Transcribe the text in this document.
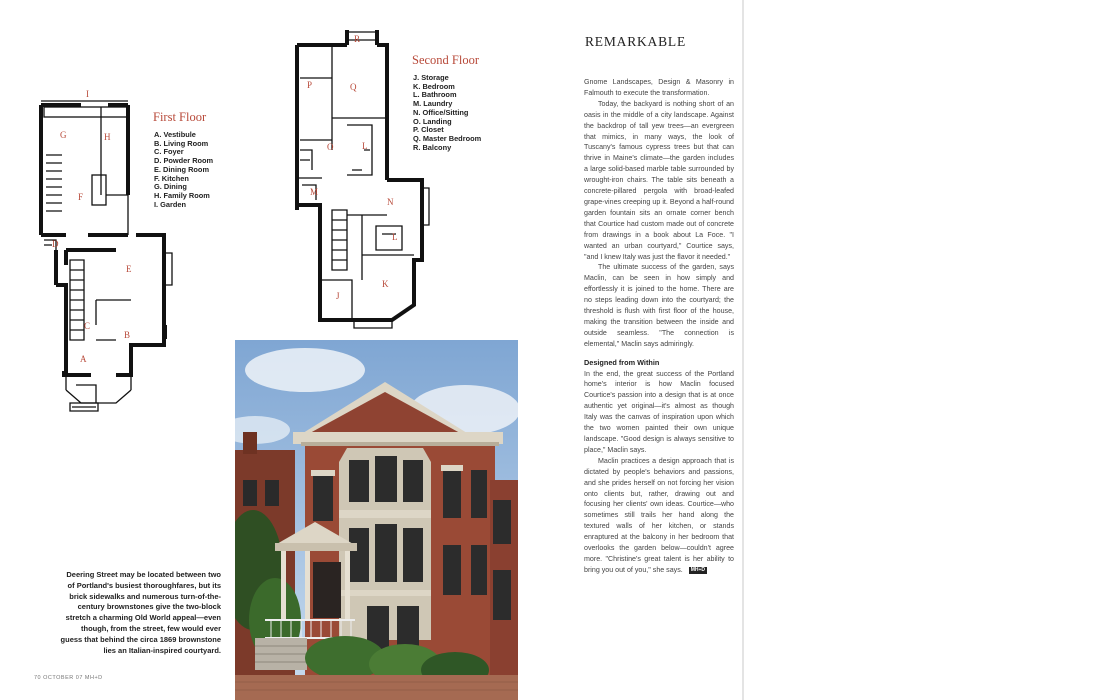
I
G	H
F
D
E
C
B
A
First Floor
A. Vestibule
B. Living Room
C. Foyer
D. Powder Room
E. Dining Room
F. Kitchen
G. Dining
H. Family Room
I. Garden
R
P	Q
O	L
M
N
L
J
K
Second Floor
J. Storage
K. Bedroom
L. Bathroom
M. Laundry
N. Office/Sitting
O. Landing
P. Closet
Q. Master Bedroom
R. Balcony

Deering Street may be located between two of Portland's busiest thoroughfares, but its brick sidewalks and numerous turn-of-the-century brownstones give the two-block stretch a charming Old World appeal—even though, from the street, few would ever guess that behind the circa 1869 brownstone lies an Italian-inspired courtyard.

70 OCTOBER 07 MH+D
REMARKABLE

Gnome Landscapes, Design & Masonry in Falmouth to execute the transformation.

Today, the backyard is nothing short of an oasis in the middle of a city landscape. Against the backdrop of tall yew trees—an evergreen that mimics, in many ways, the look of Tuscany's famous cypress trees but that can thrive in Maine's climate—the garden includes a large solid-based marble table surrounded by wrought-iron chairs. The table sits beneath a concrete-pillared pergola with broad-leafed grape-vines creeping up it. Beyond a half-round garden fountain sits an ornate corner bench that Courtice had custom made out of concrete from drawings in a book about La Foce. "I wanted an urban courtyard," Courtice says, "and I knew Italy was just the flavor it needed."

The ultimate success of the garden, says Maclin, can be seen in how simply and effortlessly it is joined to the home. There are no steps leading down into the courtyard; the threshold is flush with first floor of the house, making the transition between the inside and outside seamless. "The connection is elemental," Maclin says admiringly.

Designed from Within

In the end, the great success of the Portland home's interior is how Maclin focused Courtice's passion into a design that is at once authentic yet original—it's almost as though Italy was the canvas of inspiration upon which the two women painted their own unique landscape. "Good design is always sensitive to place," Maclin says.

Maclin practices a design approach that is dictated by people's behaviors and passions, and she prides herself on not forcing her vision onto clients but, rather, drawing out and focusing her clients' own ideas. Courtice—who sometimes still trails her hand along the textured walls of her kitchen, or stands enraptured at the balcony in her bedroom that overlooks the garden below—couldn't agree more. "Christine's great talent is her ability to bring you out of you," she says. MH+D
